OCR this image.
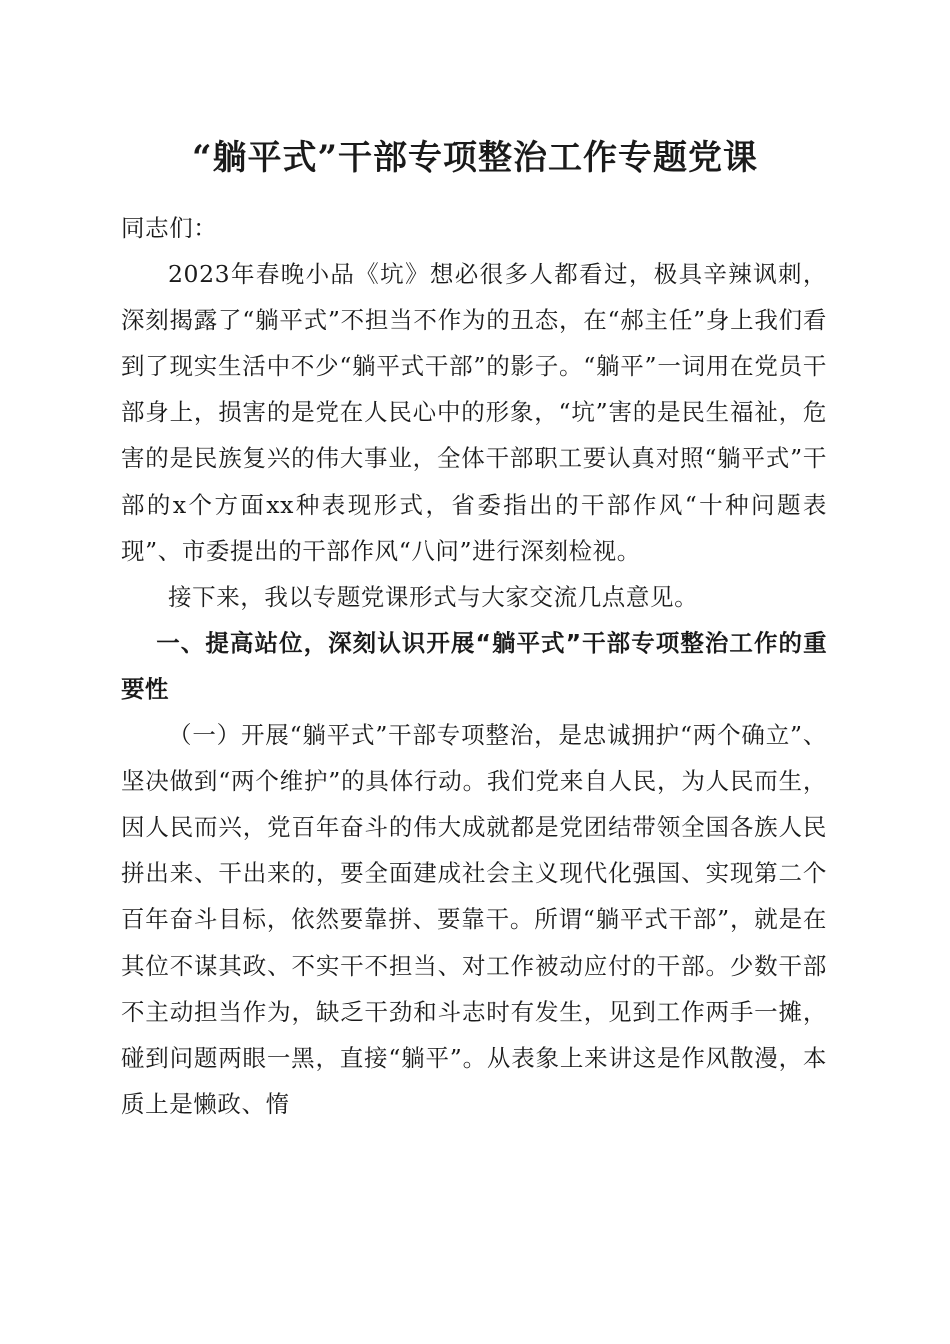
“躺平式”干部专项整治工作专题党课

同志们：

2023年春晚小品《坑》想必很多人都看过，极具辛辣讽刺，深刻揭露了“躺平式”不担当不作为的丑态，在“郝主任”身上我们看到了现实生活中不少“躺平式干部”的影子。“躺平”一词用在党员干部身上，损害的是党在人民心中的形象，“坑”害的是民生福祉，危害的是民族复兴的伟大事业，全体干部职工要认真对照“躺平式”干部的x个方面xx种表现形式，省委指出的干部作风“十种问题表现”、市委提出的干部作风“八问”进行深刻检视。

接下来，我以专题党课形式与大家交流几点意见。

一、提高站位，深刻认识开展“躺平式”干部专项整治工作的重要性

（一）开展“躺平式”干部专项整治，是忠诚拥护“两个确立”、坚决做到“两个维护”的具体行动。我们党来自人民，为人民而生，因人民而兴，党百年奋斗的伟大成就都是党团结带领全国各族人民拼出来、干出来的，要全面建成社会主义现代化强国、实现第二个百年奋斗目标，依然要靠拼、要靠干。所谓“躺平式干部”，就是在其位不谋其政、不实干不担当、对工作被动应付的干部。少数干部不主动担当作为，缺乏干劲和斗志时有发生，见到工作两手一摊，碰到问题两眼一黑，直接“躺平”。从表象上来讲这是作风散漫，本质上是懒政、惰
